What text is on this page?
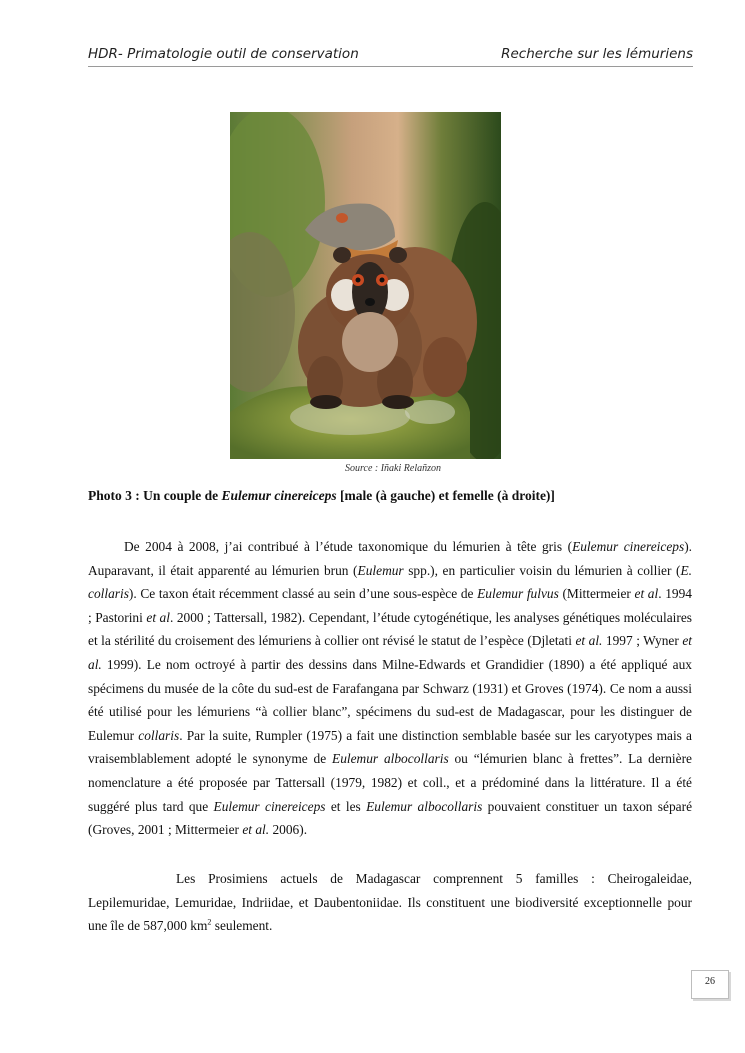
HDR- Primatologie outil de conservation	Recherche sur les lémuriens
Source : Iñaki Relañzon
Photo 3 : Un couple de Eulemur cinereiceps [male (à gauche) et femelle (à droite)]
De 2004 à 2008, j’ai contribué à l’étude taxonomique du lémurien à tête gris (Eulemur cinereiceps). Auparavant, il était apparenté au lémurien brun (Eulemur spp.), en particulier voisin du lémurien à collier (E. collaris). Ce taxon était récemment classé au sein d’une sous-espèce de Eulemur fulvus (Mittermeier et al. 1994 ; Pastorini et al. 2000 ; Tattersall, 1982). Cependant, l’étude cytogénétique, les analyses génétiques moléculaires et la stérilité du croisement des lémuriens à collier ont révisé le statut de l’espèce (Djletati et al. 1997 ; Wyner et al. 1999). Le nom octroyé à partir des dessins dans Milne-Edwards et Grandidier (1890) a été appliqué aux spécimens du musée de la côte du sud-est de Farafangana par Schwarz (1931) et Groves (1974). Ce nom a aussi été utilisé pour les lémuriens “à collier blanc”, spécimens du sud-est de Madagascar, pour les distinguer de Eulemur collaris. Par la suite, Rumpler (1975) a fait une distinction semblable basée sur les caryotypes mais a vraisemblablement adopté le synonyme de Eulemur albocollaris ou “lémurien blanc à frettes”. La dernière nomenclature a été proposée par Tattersall (1979, 1982) et coll., et a prédominé dans la littérature. Il a été suggéré plus tard que Eulemur cinereiceps et les Eulemur albocollaris pouvaient constituer un taxon séparé (Groves, 2001 ; Mittermeier et al. 2006).
Les Prosimiens actuels de Madagascar comprennent 5 familles : Cheirogaleidae, Lepilemuridae, Lemuridae, Indriidae, et Daubentoniidae. Ils constituent une biodiversité exceptionnelle pour une île de 587,000 $km^2$ seulement.
26
